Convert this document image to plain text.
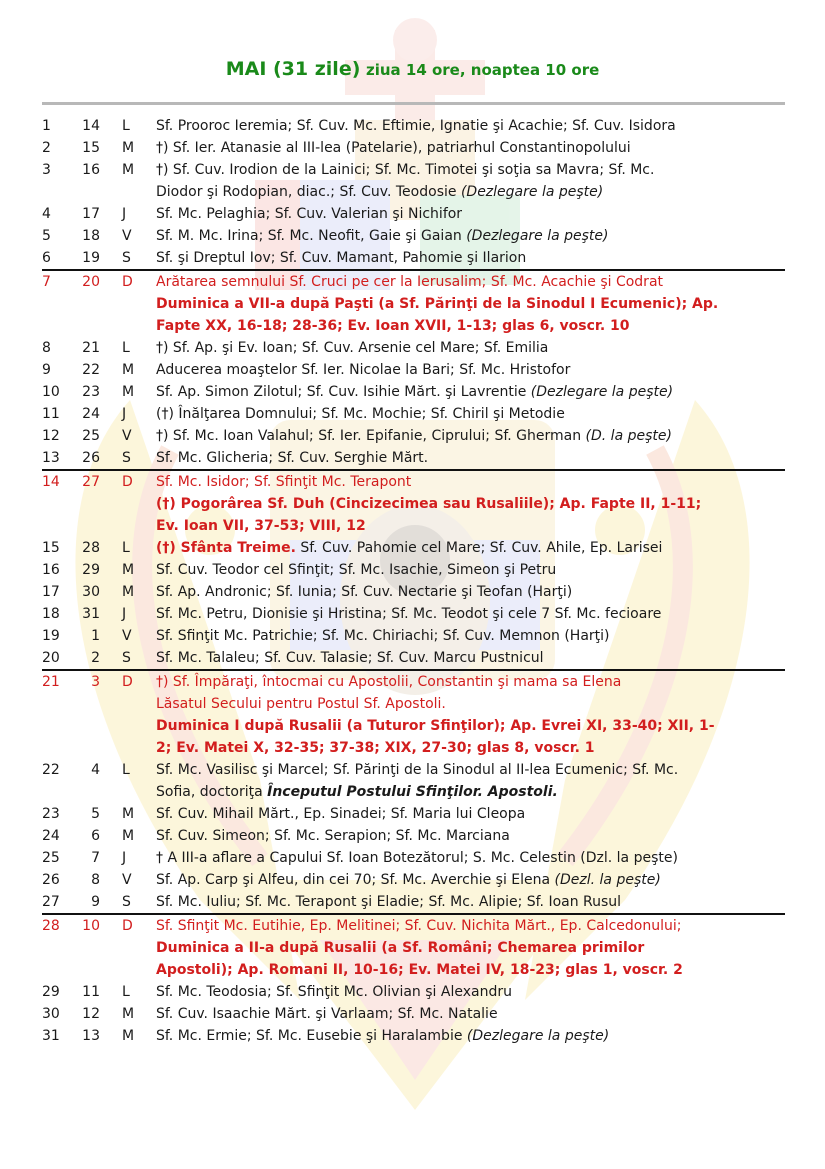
MAI (31 zile) ziua 14 ore, noaptea 10 ore
1	14 L	Sf. Prooroc Ieremia; Sf. Cuv. Mc. Eftimie, Ignatie şi Acachie; Sf. Cuv. Isidora
2	15 M	†) Sf. Ier. Atanasie al III-lea (Patelarie), patriarhul Constantinopolului
3	16 M	†) Sf. Cuv. Irodion de la Lainici; Sf. Mc. Timotei şi soţia sa Mavra; Sf. Mc.
Diodor şi Rodopian, diac.; Sf. Cuv. Teodosie (Dezlegare la peşte)
4	17 J	Sf. Mc. Pelaghia; Sf. Cuv. Valerian şi Nichifor
5	18 V	Sf. M. Mc. Irina; Sf. Mc. Neofit, Gaie şi Gaian (Dezlegare la peşte)
6	19 S	Sf. şi Dreptul Iov; Sf. Cuv. Mamant, Pahomie şi Ilarion
7	20 D	Arătarea semnului Sf. Cruci pe cer la Ierusalim; Sf. Mc. Acachie şi Codrat
Duminica a VII-a după Paşti (a Sf. Părinţi de la Sinodul I Ecumenic); Ap.
Fapte XX, 16-18; 28-36; Ev. Ioan XVII, 1-13; glas 6, voscr. 10
8	21 L	†) Sf. Ap. şi Ev. Ioan; Sf. Cuv. Arsenie cel Mare; Sf. Emilia
9	22 M	Aducerea moaştelor Sf. Ier. Nicolae la Bari; Sf. Mc. Hristofor
10	23 M	Sf. Ap. Simon Zilotul; Sf. Cuv. Isihie Mărt. şi Lavrentie (Dezlegare la peşte)
11	24 J	(†) Înălţarea Domnului; Sf. Mc. Mochie; Sf. Chiril şi Metodie
12	25 V	†) Sf. Mc. Ioan Valahul; Sf. Ier. Epifanie, Ciprului; Sf. Gherman (D. la peşte)
13	26 S	Sf. Mc. Glicheria; Sf. Cuv. Serghie Mărt.
14	27 D	Sf. Mc. Isidor; Sf. Sfinţit Mc. Terapont
(†) Pogorârea Sf. Duh (Cincizecimea sau Rusaliile); Ap. Fapte II, 1-11;
Ev. Ioan VII, 37-53; VIII, 12
15	28 L	(†) Sfânta Treime. Sf. Cuv. Pahomie cel Mare; Sf. Cuv. Ahile, Ep. Larisei
16	29 M	Sf. Cuv. Teodor cel Sfinţit; Sf. Mc. Isachie, Simeon şi Petru
17	30 M	Sf. Ap. Andronic; Sf. Iunia; Sf. Cuv. Nectarie şi Teofan (Harţi)
18	31 J	Sf. Mc. Petru, Dionisie şi Hristina; Sf. Mc. Teodot şi cele 7 Sf. Mc. fecioare
19	1 V	Sf. Sfinţit Mc. Patrichie; Sf. Mc. Chiriachi; Sf. Cuv. Memnon (Harţi)
20	2 S	Sf. Mc. Talaleu; Sf. Cuv. Talasie; Sf. Cuv. Marcu Pustnicul
21	3 D	†) Sf. Împăraţi, întocmai cu Apostolii, Constantin şi mama sa Elena
Lăsatul Secului pentru Postul Sf. Apostoli.
Duminica I după Rusalii (a Tuturor Sfinţilor); Ap. Evrei XI, 33-40; XII, 1-
2; Ev. Matei X, 32-35; 37-38; XIX, 27-30; glas 8, voscr. 1
22	4 L	Sf. Mc. Vasilisc şi Marcel; Sf. Părinţi de la Sinodul al II-lea Ecumenic; Sf. Mc.
Sofia, doctoriţa Începutul Postului Sfinţilor. Apostoli.
23	5 M	Sf. Cuv. Mihail Mărt., Ep. Sinadei; Sf. Maria lui Cleopa
24	6 M	Sf. Cuv. Simeon; Sf. Mc. Serapion; Sf. Mc. Marciana
25	7 J	† A III-a aflare a Capului Sf. Ioan Botezătorul; S. Mc. Celestin (Dzl. la peşte)
26	8 V	Sf. Ap. Carp şi Alfeu, din cei 70; Sf. Mc. Averchie şi Elena (Dezl. la peşte)
27	9 S	Sf. Mc. Iuliu; Sf. Mc. Terapont şi Eladie; Sf. Mc. Alipie; Sf. Ioan Rusul
28	10 D	Sf. Sfinţit Mc. Eutihie, Ep. Melitinei; Sf. Cuv. Nichita Mărt., Ep. Calcedonului;
Duminica a II-a după Rusalii (a Sf. Români; Chemarea primilor
Apostoli); Ap. Romani II, 10-16; Ev. Matei IV, 18-23; glas 1, voscr. 2
29	11 L	Sf. Mc. Teodosia; Sf. Sfinţit Mc. Olivian şi Alexandru
30	12 M	Sf. Cuv. Isaachie Mărt. şi Varlaam; Sf. Mc. Natalie
31	13 M	Sf. Mc. Ermie; Sf. Mc. Eusebie şi Haralambie (Dezlegare la peşte)
